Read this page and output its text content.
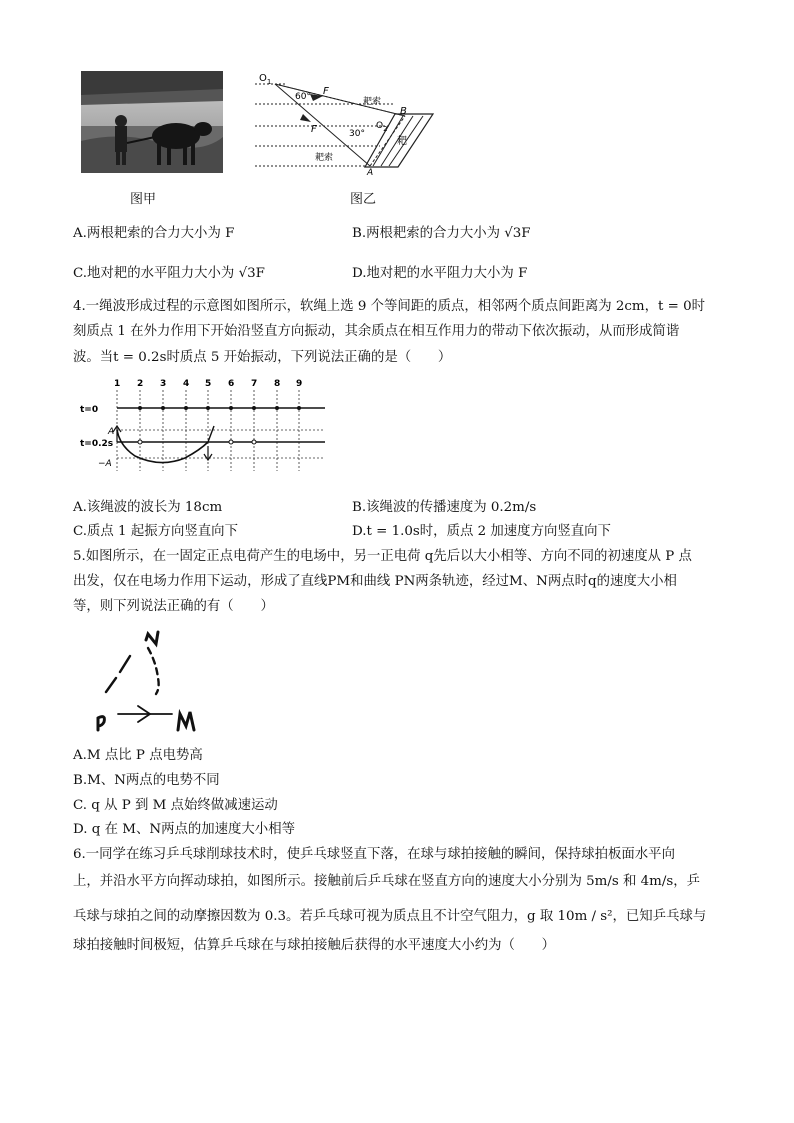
$O_1$
60° F
耙索
B
F	30°
$O_2$
耙
耙索
A
图甲	图乙
A.两根耙索的合力大小为 F	B.两根耙索的合力大小为 √3F
C.地对耙的水平阻力大小为 √3F	D.地对耙的水平阻力大小为 F
4.一绳波形成过程的示意图如图所示，软绳上选 9 个等间距的质点，相邻两个质点间距离为 2cm，t = 0时
刻质点 1 在外力作用下开始沿竖直方向振动，其余质点在相互作用力的带动下依次振动，从而形成简谐
波。当t = 0.2s时质点 5 开始振动，下列说法正确的是（　　）
1 2 3 4 5 6 7 8 9
t=0
A
t=0.2s
−A
A.该绳波的波长为 18cm	B.该绳波的传播速度为 0.2m/s
C.质点 1 起振方向竖直向下	D.t = 1.0s时，质点 2 加速度方向竖直向下
5.如图所示，在一固定正点电荷产生的电场中，另一正电荷 q先后以大小相等、方向不同的初速度从 P 点
出发，仅在电场力作用下运动，形成了直线PM和曲线 PN两条轨迹，经过M、N两点时q的速度大小相
等，则下列说法正确的有（　　）
A.M 点比 P 点电势高
B.M、N两点的电势不同
C. q 从 P 到 M 点始终做减速运动
D. q 在 M、N两点的加速度大小相等
6.一同学在练习乒乓球削球技术时，使乒乓球竖直下落，在球与球拍接触的瞬间，保持球拍板面水平向
上，并沿水平方向挥动球拍，如图所示。接触前后乒乓球在竖直方向的速度大小分别为 5m/s 和 4m/s，乒
乓球与球拍之间的动摩擦因数为 0.3。若乒乓球可视为质点且不计空气阻力，g 取 10m / s²，已知乒乓球与
球拍接触时间极短，估算乒乓球在与球拍接触后获得的水平速度大小约为（　　）
